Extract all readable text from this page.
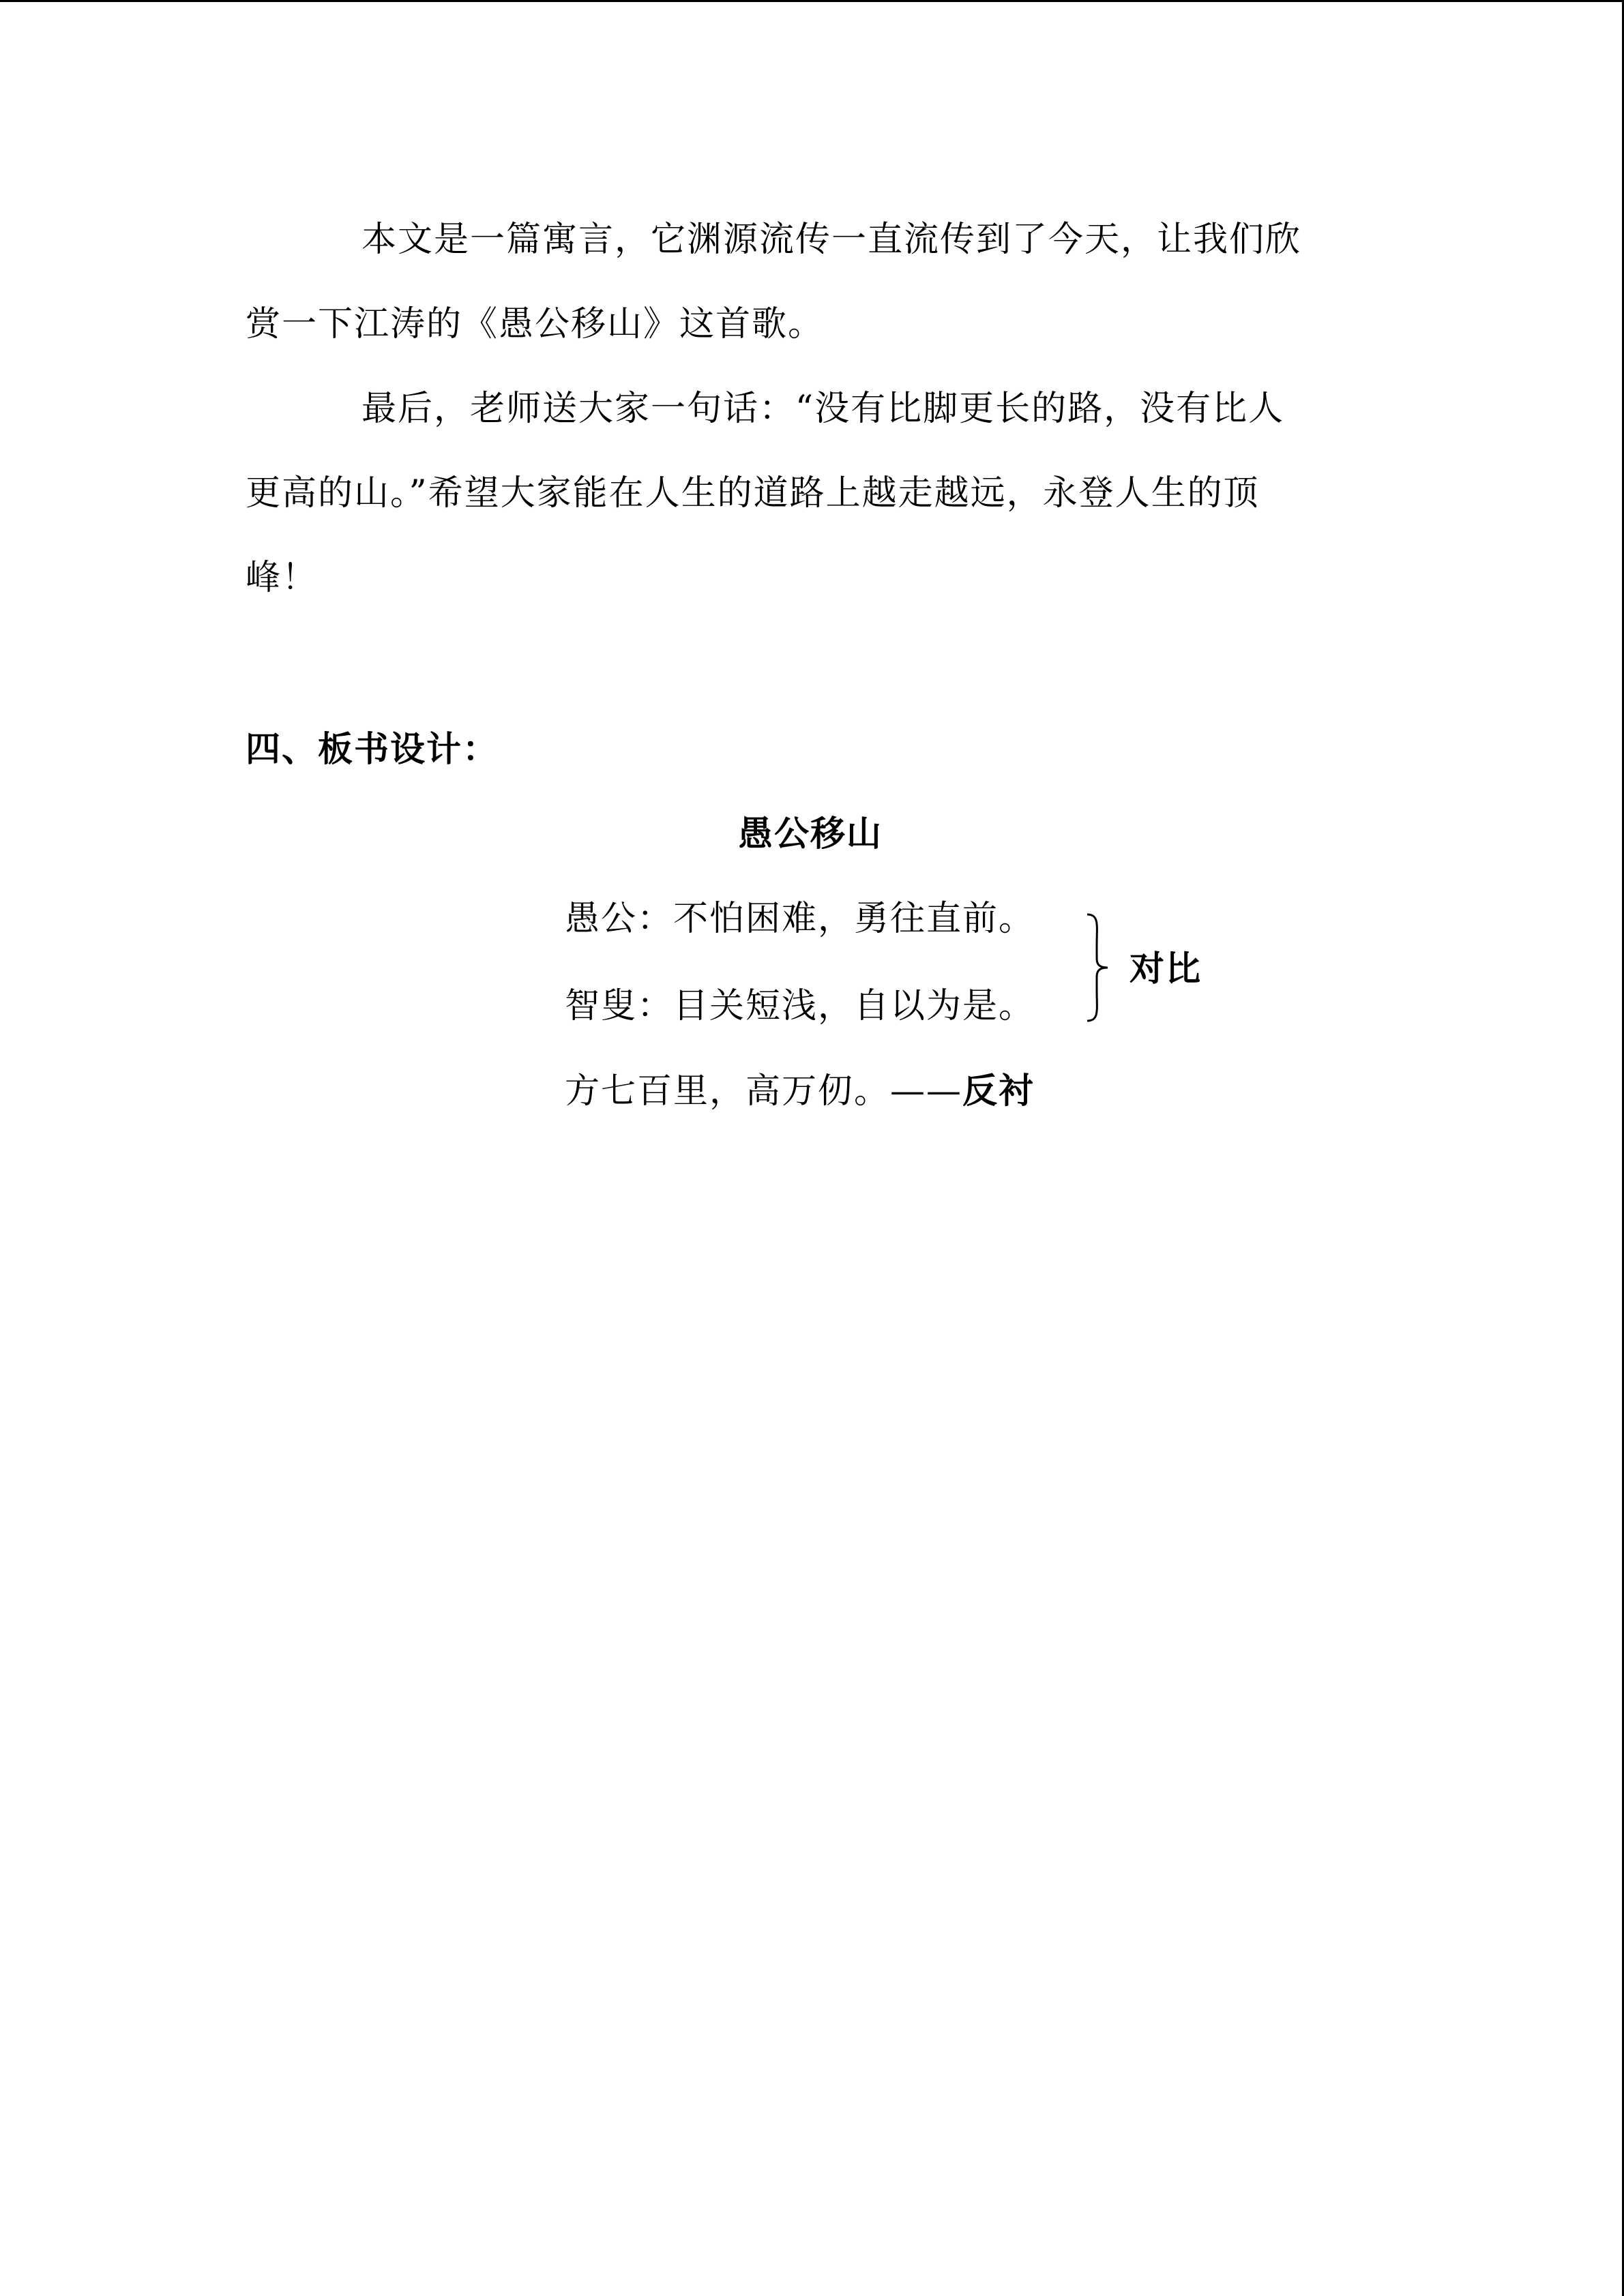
本文是一篇寓言，它渊源流传一直流传到了今天，让我们欣
赏一下江涛的《愚公移山》这首歌。
最后，老师送大家一句话：“没有比脚更长的路，没有比人
更高的山。”希望大家能在人生的道路上越走越远，永登人生的顶
峰！
四、板书设计：
愚公移山
愚公：不怕困难，勇往直前。
智叟：目关短浅，自以为是。
对比
方七百里，高万仞。——反衬
